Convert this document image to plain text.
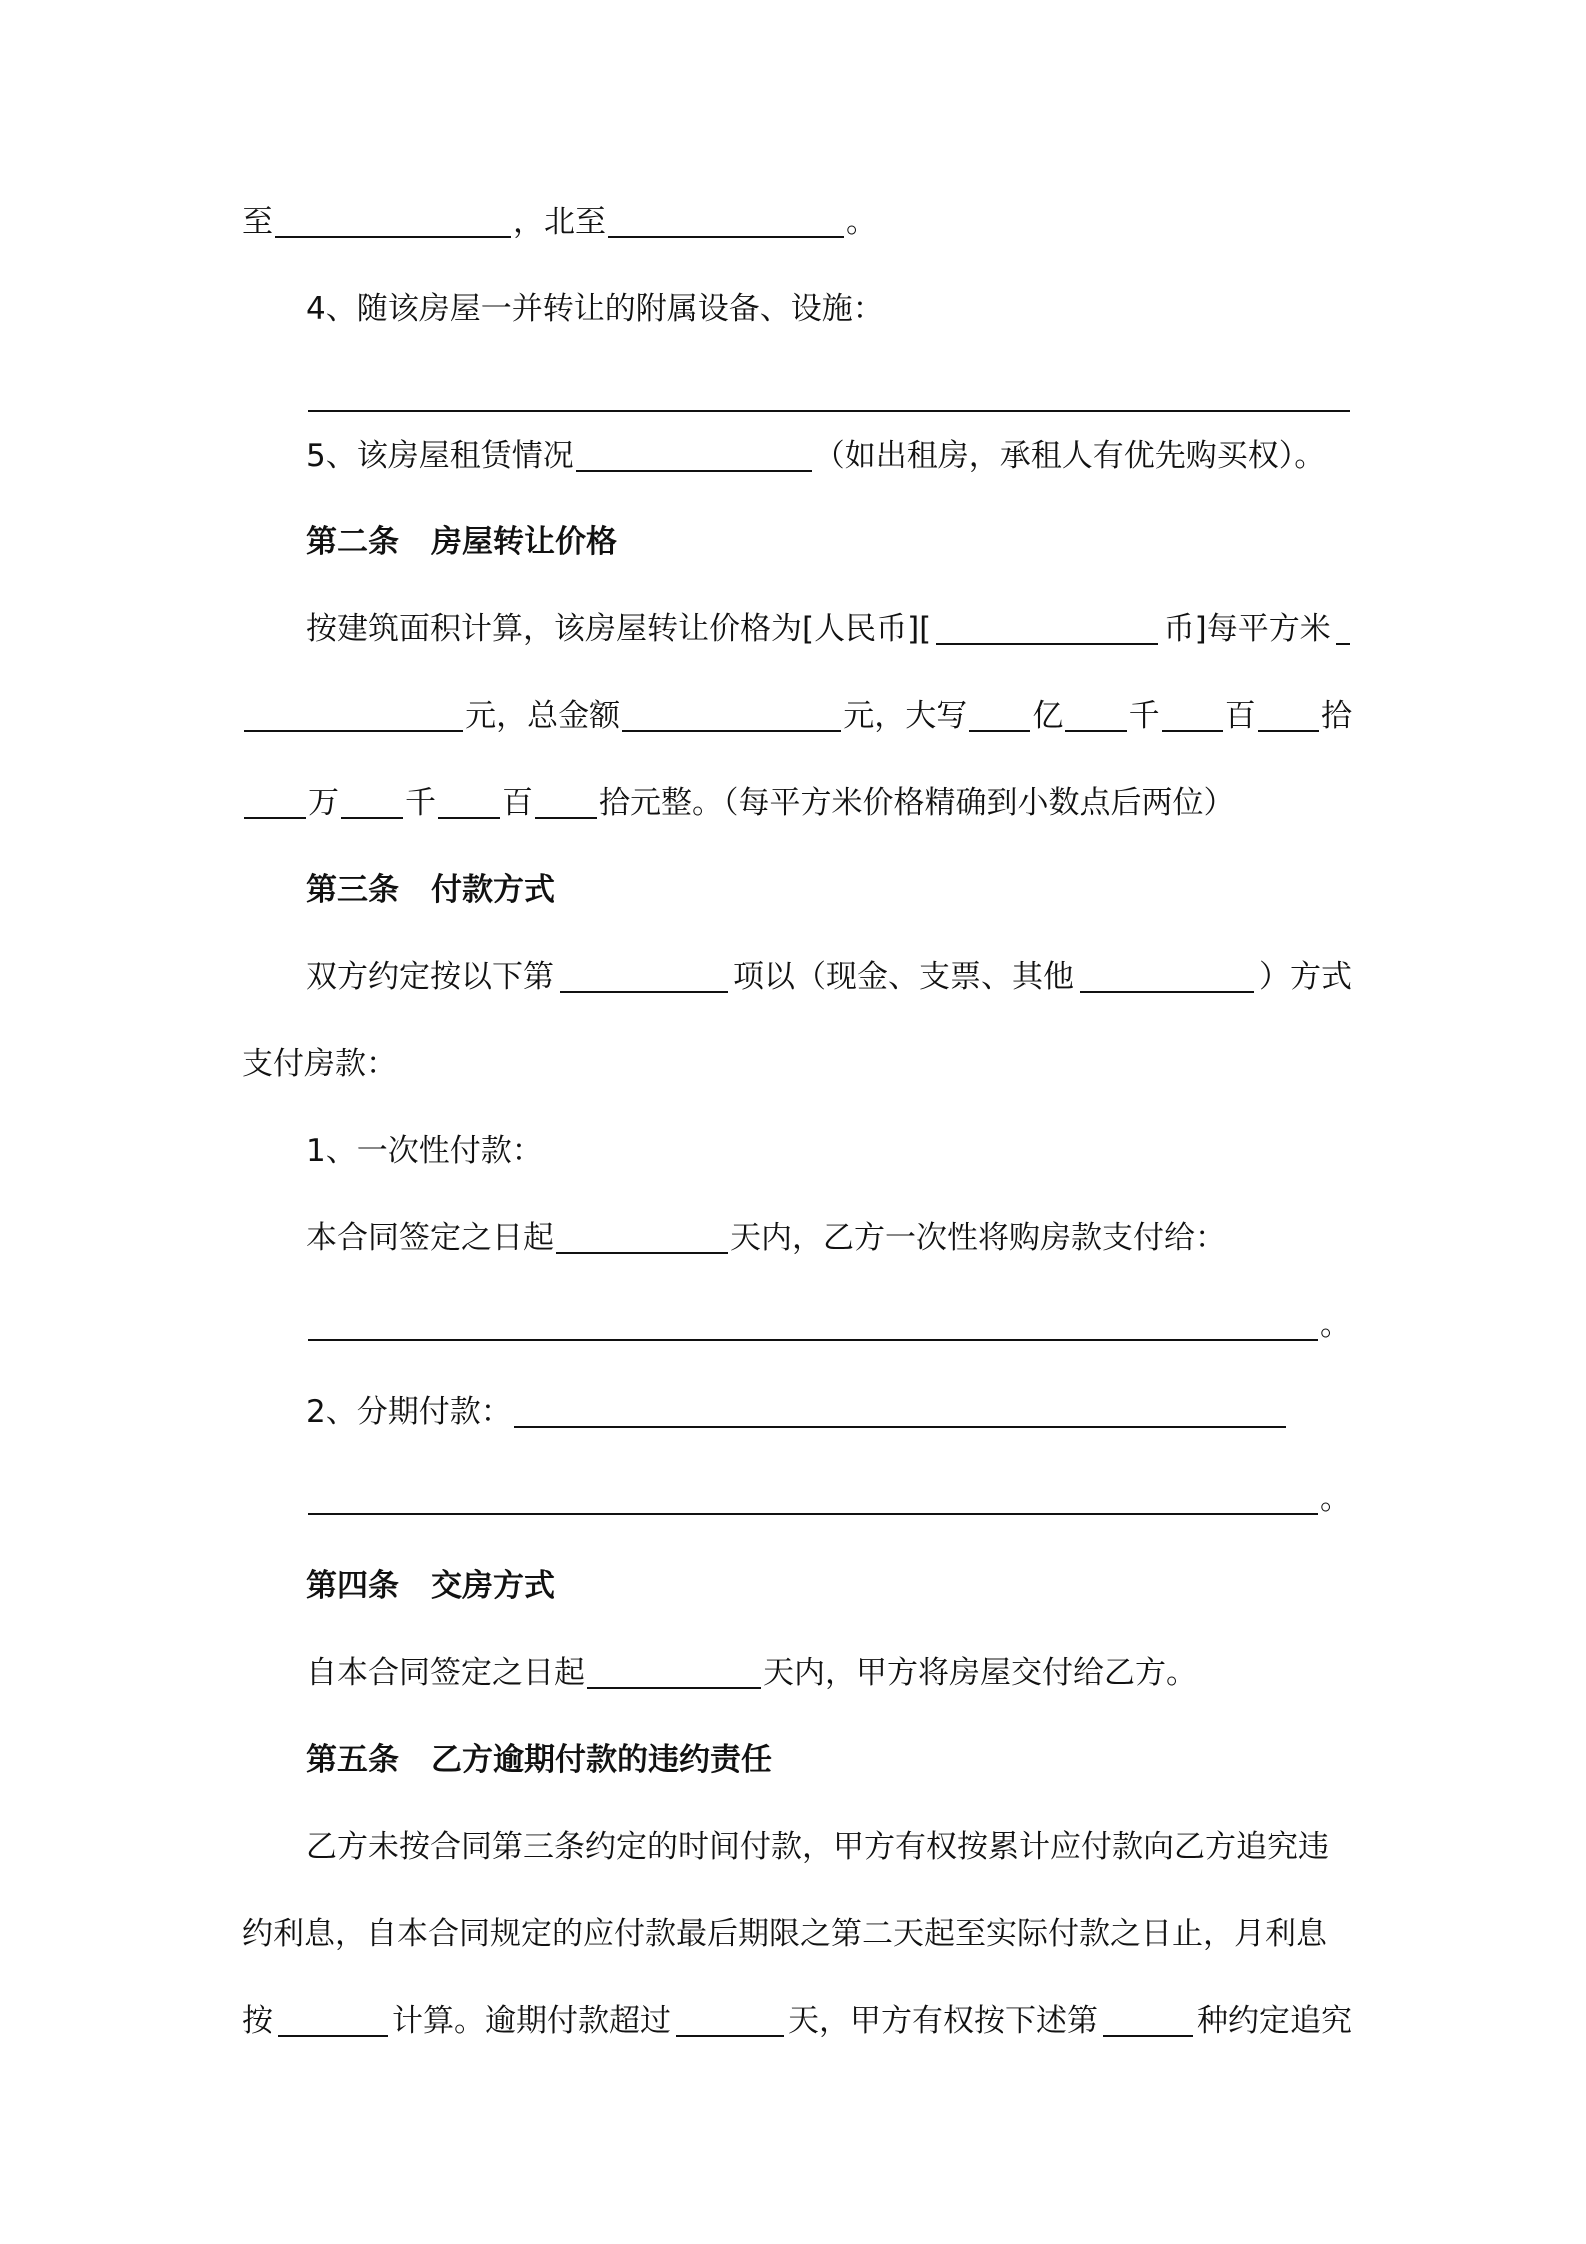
至	，北至	。
4、随该房屋一并转让的附属设备、设施：
5、该房屋租赁情况	（如出租房，承租人有优先购买权）。
第二条 房屋转让价格
按建筑面积计算，该房屋转让价格为[人民币][	币]每平方米
元，总金额	元，大写 亿 千 百 拾
万 千 百 拾元整。（每平方米价格精确到小数点后两位）
第三条 付款方式
双方约定按以下第	项以（现金、支票、其他	）方式
支付房款：
1、一次性付款：
本合同签定之日起	天内，乙方一次性将购房款支付给：
。
2、分期付款：
。
第四条 交房方式
自本合同签定之日起	天内，甲方将房屋交付给乙方。
第五条 乙方逾期付款的违约责任
乙方未按合同第三条约定的时间付款，甲方有权按累计应付款向乙方追究违
约利息，自本合同规定的应付款最后期限之第二天起至实际付款之日止，月利息
按	计算。逾期付款超过	天，甲方有权按下述第	种约定追究
